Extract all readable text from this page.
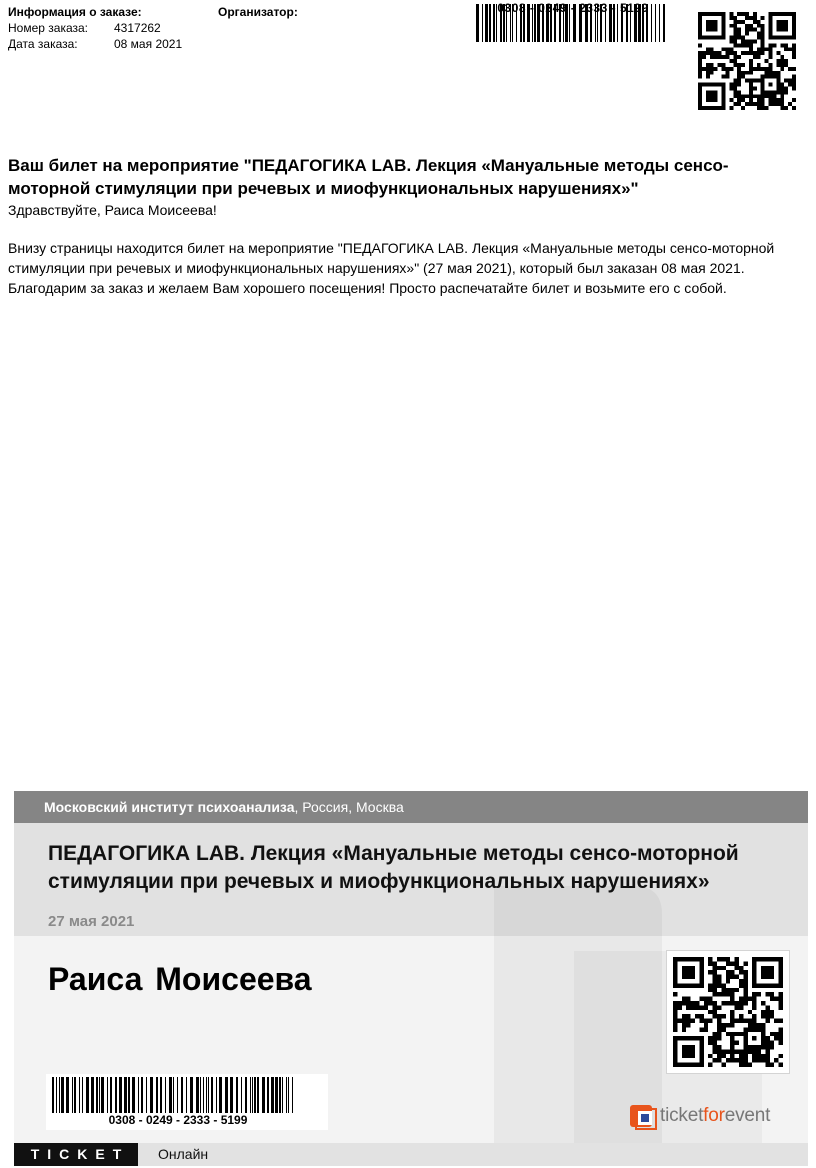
Информация о заказе:
Номер заказа:	4317262
Дата заказа:	08 мая 2021
Организатор:	0308 - 0249 - 2333 - 5199
Ваш билет на мероприятие "ПЕДАГОГИКА LAB. Лекция «Мануальные методы сенсо-моторной стимуляции при речевых и миофункциональных нарушениях»"
Здравствуйте, Раиса Моисеева!
Внизу страницы находится билет на мероприятие "ПЕДАГОГИКА LAB. Лекция «Мануальные методы сенсо-моторной стимуляции при речевых и миофункциональных нарушениях»" (27 мая 2021), который был заказан 08 мая 2021. Благодарим за заказ и желаем Вам хорошего посещения! Просто распечатайте билет и возьмите его с собой.
Московский институт психоанализа, Россия, Москва
ПЕДАГОГИКА LAB. Лекция «Мануальные методы сенсо-моторной стимуляции при речевых и миофункциональных нарушениях»
27 мая 2021
Раиса Моисеева
0308 - 0249 - 2333 - 5199	ticketforevent
TICKET	Онлайн
